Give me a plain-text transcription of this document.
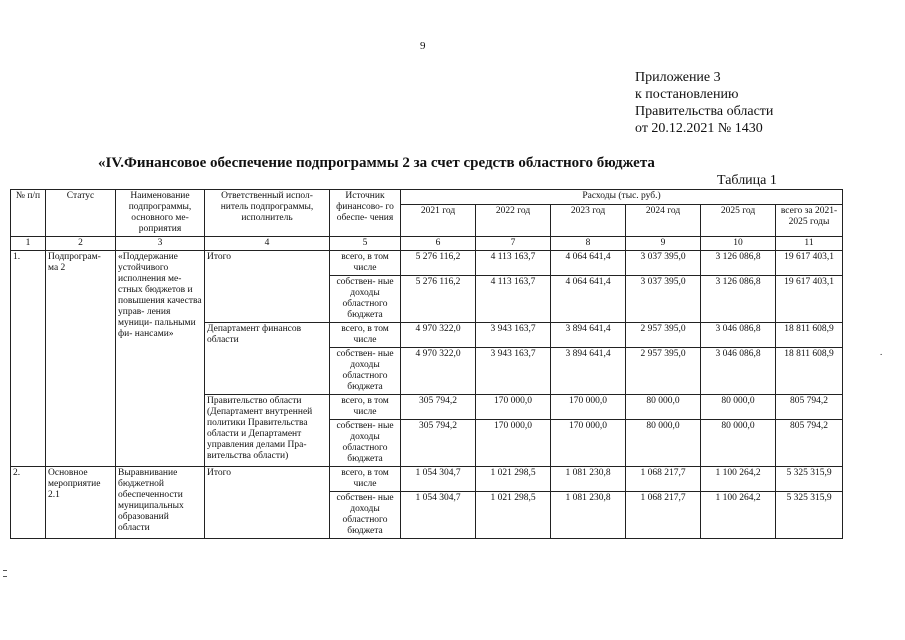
9
Приложение 3
к постановлению
Правительства области
от 20.12.2021 № 1430
«IV.Финансовое обеспечение подпрограммы 2 за счет средств областного бюджета
Таблица 1
№ п/п	Статус	Наименование подпрограммы, основного ме- роприятия	Ответственный испол- нитель подпрограммы, исполнитель	Источник финансово- го обеспе- чения	Расходы (тыс. руб.)					
					2021 год	2022 год	2023 год	2024 год	2025 год	всего за 2021-2025 годы
1	2	3	4	5	6	7	8	9	10	11
1.	Подпрограм- ма 2	«Поддержание устойчивого исполнения ме- стных бюджетов и повышения качества управ- ления муници- пальными фи- нансами»	Итого	всего, в том числе	5 276 116,2	4 113 163,7	4 064 641,4	3 037 395,0	3 126 086,8	19 617 403,1
				собствен- ные доходы областного бюджета	5 276 116,2	4 113 163,7	4 064 641,4	3 037 395,0	3 126 086,8	19 617 403,1
			Департамент финансов области	всего, в том числе	4 970 322,0	3 943 163,7	3 894 641,4	2 957 395,0	3 046 086,8	18 811 608,9
				собствен- ные доходы областного бюджета	4 970 322,0	3 943 163,7	3 894 641,4	2 957 395,0	3 046 086,8	18 811 608,9
			Правительство области (Департамент внутренней политики Правительства области и Департамент управления делами Пра- вительства области)	всего, в том числе	305 794,2	170 000,0	170 000,0	80 000,0	80 000,0	805 794,2
				собствен- ные доходы областного бюджета	305 794,2	170 000,0	170 000,0	80 000,0	80 000,0	805 794,2
2.	Основное мероприятие 2.1	Выравнивание бюджетной обеспеченности муниципальных образований области	Итого	всего, в том числе	1 054 304,7	1 021 298,5	1 081 230,8	1 068 217,7	1 100 264,2	5 325 315,9
				собствен- ные доходы областного бюджета	1 054 304,7	1 021 298,5	1 081 230,8	1 068 217,7	1 100 264,2	5 325 315,9
.
